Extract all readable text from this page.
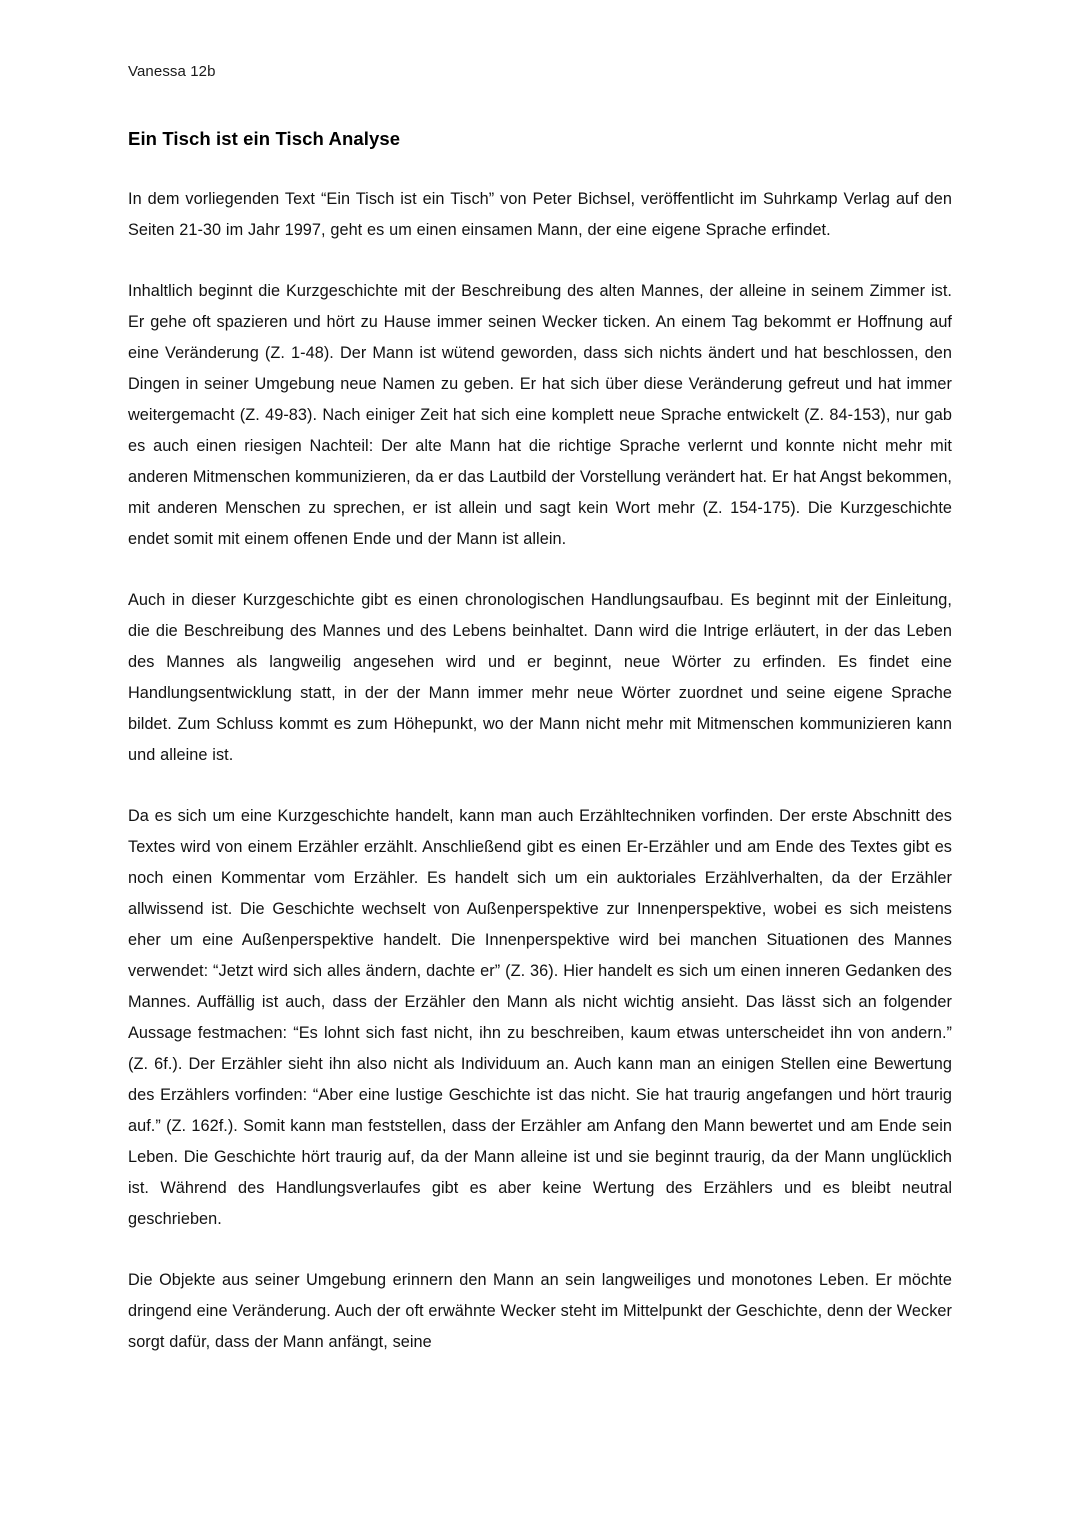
Vanessa 12b
Ein Tisch ist ein Tisch Analyse

In dem vorliegenden Text “Ein Tisch ist ein Tisch” von Peter Bichsel, veröffentlicht im Suhrkamp Verlag auf den Seiten 21-30 im Jahr 1997, geht es um einen einsamen Mann, der eine eigene Sprache erfindet.

Inhaltlich beginnt die Kurzgeschichte mit der Beschreibung des alten Mannes, der alleine in seinem Zimmer ist. Er gehe oft spazieren und hört zu Hause immer seinen Wecker ticken. An einem Tag bekommt er Hoffnung auf eine Veränderung (Z. 1-48). Der Mann ist wütend geworden, dass sich nichts ändert und hat beschlossen, den Dingen in seiner Umgebung neue Namen zu geben. Er hat sich über diese Veränderung gefreut und hat immer weitergemacht (Z. 49-83). Nach einiger Zeit hat sich eine komplett neue Sprache entwickelt (Z. 84-153), nur gab es auch einen riesigen Nachteil: Der alte Mann hat die richtige Sprache verlernt und konnte nicht mehr mit anderen Mitmenschen kommunizieren, da er das Lautbild der Vorstellung verändert hat. Er hat Angst bekommen, mit anderen Menschen zu sprechen, er ist allein und sagt kein Wort mehr (Z. 154-175). Die Kurzgeschichte endet somit mit einem offenen Ende und der Mann ist allein.

Auch in dieser Kurzgeschichte gibt es einen chronologischen Handlungsaufbau. Es beginnt mit der Einleitung, die die Beschreibung des Mannes und des Lebens beinhaltet. Dann wird die Intrige erläutert, in der das Leben des Mannes als langweilig angesehen wird und er beginnt, neue Wörter zu erfinden. Es findet eine Handlungsentwicklung statt, in der der Mann immer mehr neue Wörter zuordnet und seine eigene Sprache bildet. Zum Schluss kommt es zum Höhepunkt, wo der Mann nicht mehr mit Mitmenschen kommunizieren kann und alleine ist.

Da es sich um eine Kurzgeschichte handelt, kann man auch Erzähltechniken vorfinden. Der erste Abschnitt des Textes wird von einem Erzähler erzählt. Anschließend gibt es einen Er-Erzähler und am Ende des Textes gibt es noch einen Kommentar vom Erzähler. Es handelt sich um ein auktoriales Erzählverhalten, da der Erzähler allwissend ist. Die Geschichte wechselt von Außenperspektive zur Innenperspektive, wobei es sich meistens eher um eine Außenperspektive handelt. Die Innenperspektive wird bei manchen Situationen des Mannes verwendet: “Jetzt wird sich alles ändern, dachte er” (Z. 36). Hier handelt es sich um einen inneren Gedanken des Mannes. Auffällig ist auch, dass der Erzähler den Mann als nicht wichtig ansieht. Das lässt sich an folgender Aussage festmachen: “Es lohnt sich fast nicht, ihn zu beschreiben, kaum etwas unterscheidet ihn von andern.” (Z. 6f.). Der Erzähler sieht ihn also nicht als Individuum an. Auch kann man an einigen Stellen eine Bewertung des Erzählers vorfinden: “Aber eine lustige Geschichte ist das nicht. Sie hat traurig angefangen und hört traurig auf.” (Z. 162f.). Somit kann man feststellen, dass der Erzähler am Anfang den Mann bewertet und am Ende sein Leben. Die Geschichte hört traurig auf, da der Mann alleine ist und sie beginnt traurig, da der Mann unglücklich ist. Während des Handlungsverlaufes gibt es aber keine Wertung des Erzählers und es bleibt neutral geschrieben.

Die Objekte aus seiner Umgebung erinnern den Mann an sein langweiliges und monotones Leben. Er möchte dringend eine Veränderung. Auch der oft erwähnte Wecker steht im Mittelpunkt der Geschichte, denn der Wecker sorgt dafür, dass der Mann anfängt, seine
